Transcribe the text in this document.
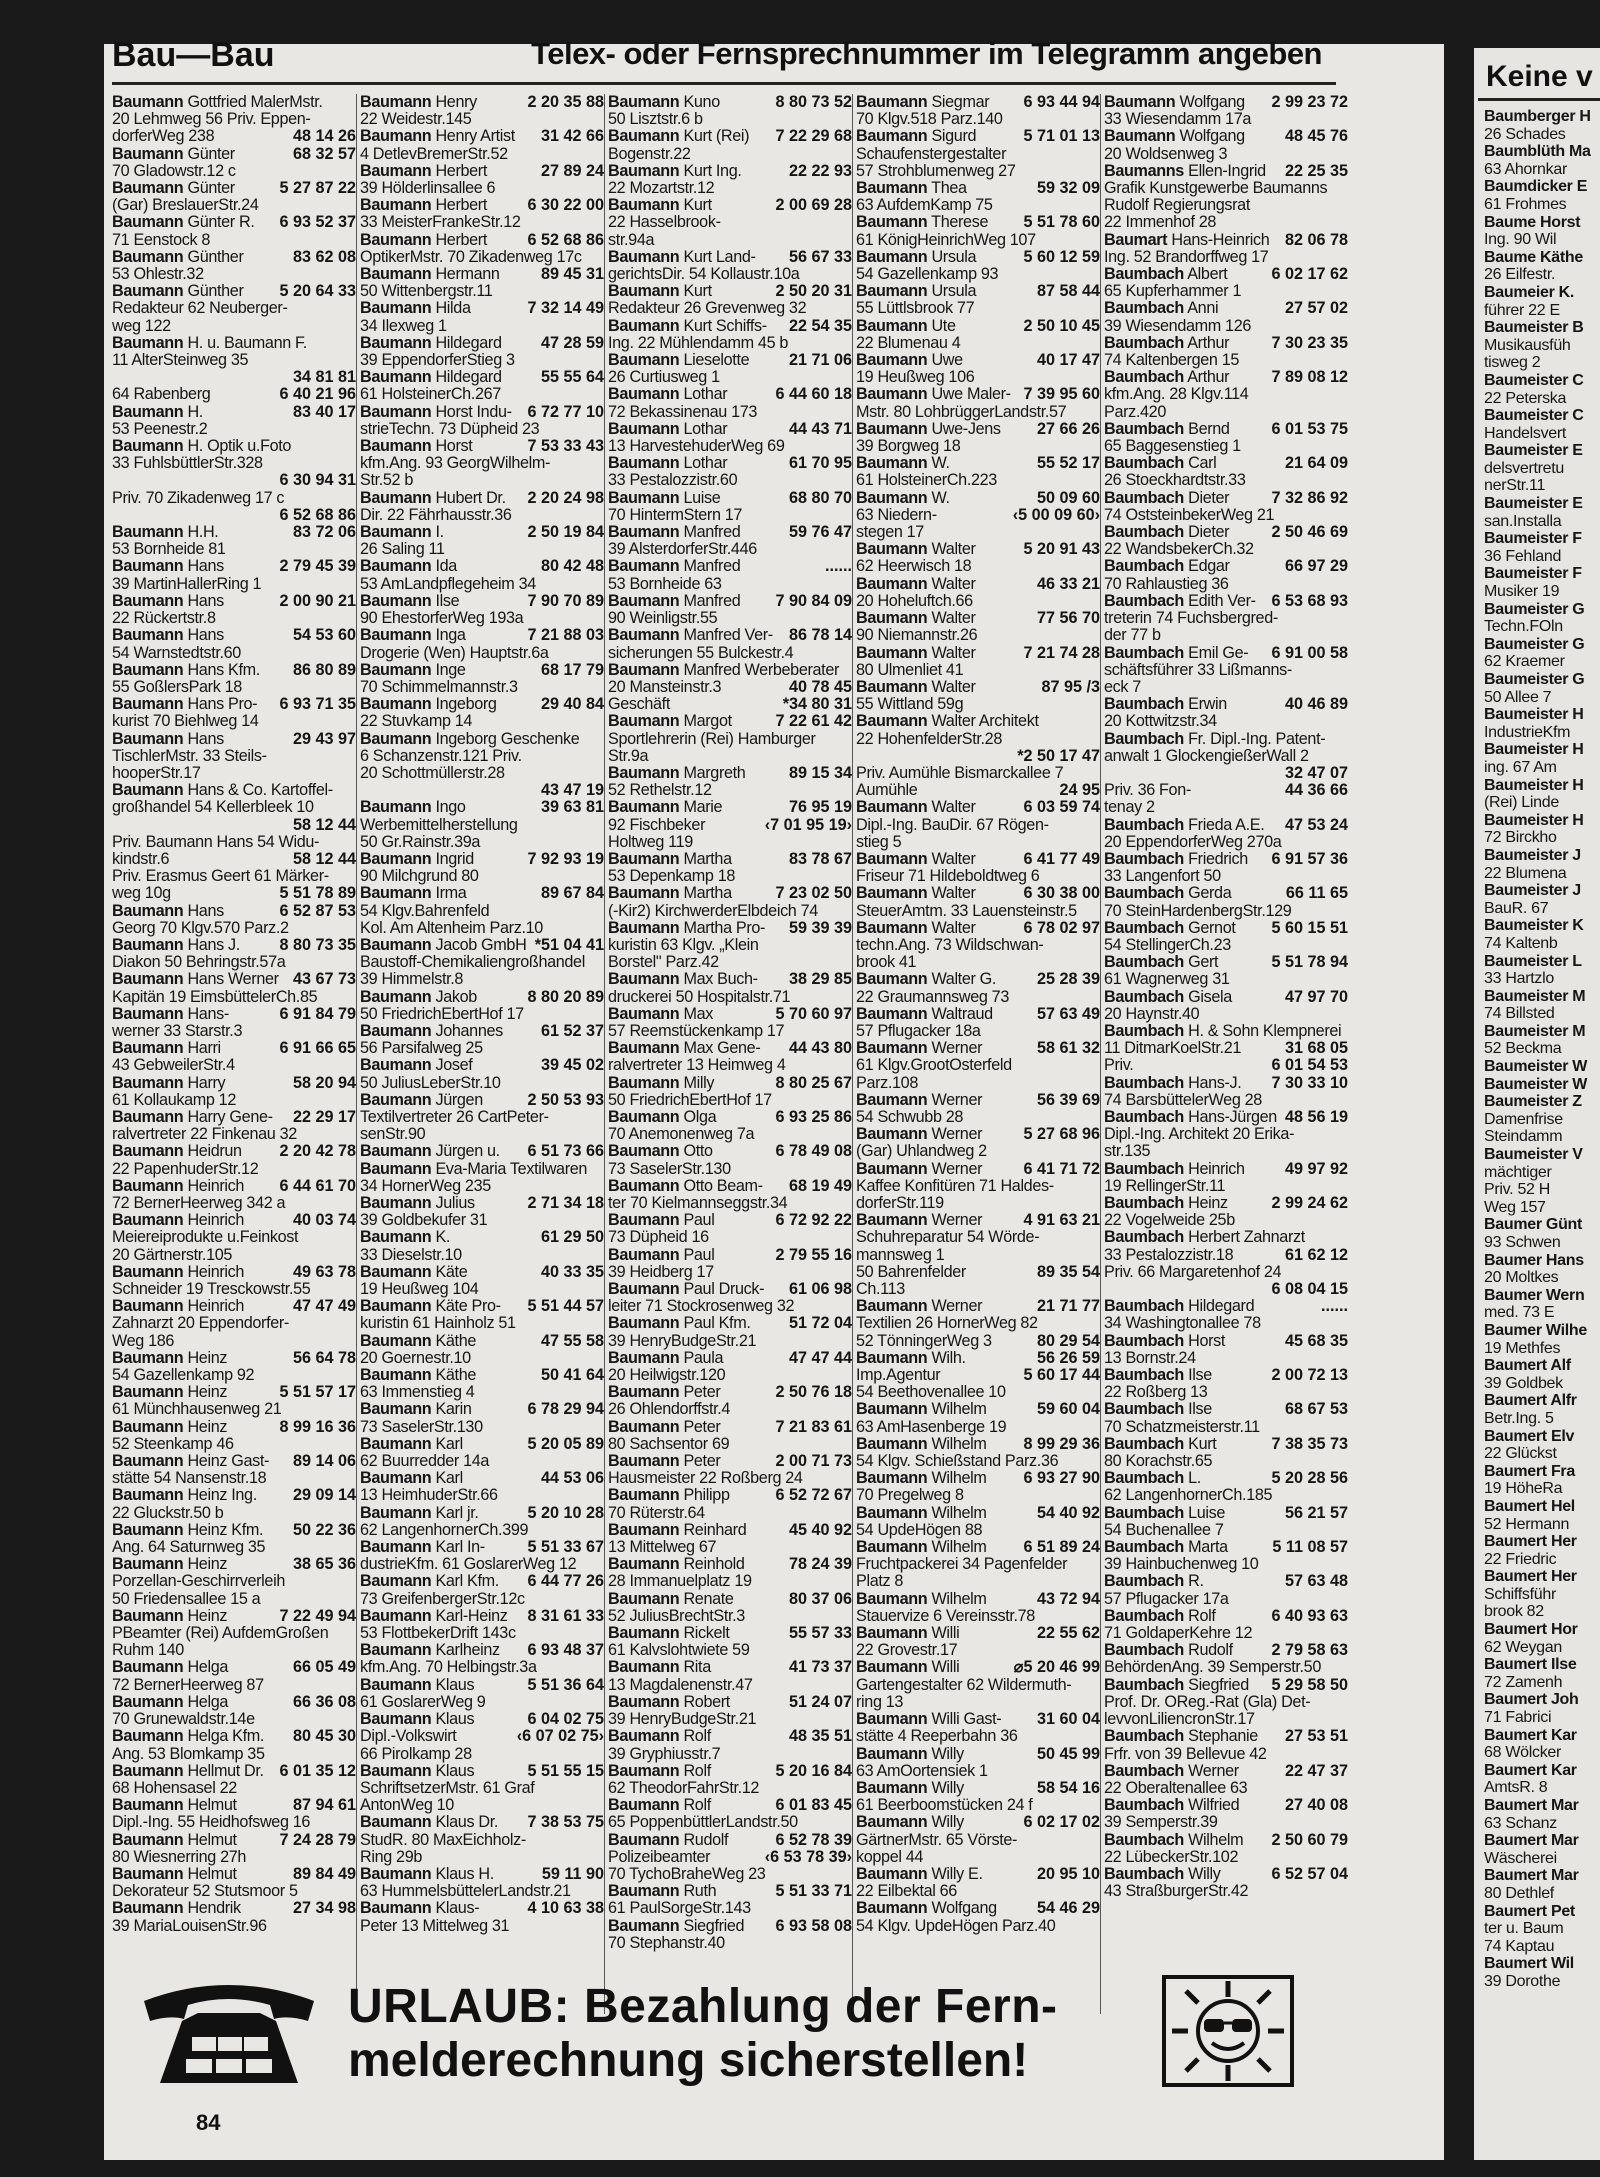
Keine v
Baumberger H
26 Schades
Baumblüth Ma
63 Ahornkar
Baumdicker E
61 Frohmes
Baume Horst
Ing. 90 Wil
Baume Käthe
26 Eilfestr.
Baumeier K.
führer 22 E
Baumeister B
Musikausfüh
tisweg 2
Baumeister C
22 Peterska
Baumeister C
Handelsvert
Baumeister E
delsvertretu
nerStr.11
Baumeister E
san.Installa
Baumeister F
36 Fehland
Baumeister F
Musiker 19
Baumeister G
Techn.FOln
Baumeister G
62 Kraemer
Baumeister G
50 Allee 7
Baumeister H
IndustrieKfm
Baumeister H
ing. 67 Am
Baumeister H
(Rei) Linde
Baumeister H
72 Birckho
Baumeister J
22 Blumena
Baumeister J
BauR. 67
Baumeister K
74 Kaltenb
Baumeister L
33 Hartzlo
Baumeister M
74 Billsted
Baumeister M
52 Beckma
Baumeister W
Baumeister W
Baumeister Z
Damenfrise
Steindamm
Baumeister V
mächtiger
Priv. 52 H
Weg 157
Baumer Günt
93 Schwen
Baumer Hans
20 Moltkes
Baumer Wern
med. 73 E
Baumer Wilhe
19 Methfes
Baumert Alf
39 Goldbek
Baumert Alfr
Betr.Ing. 5
Baumert Elv
22 Glückst
Baumert Fra
19 HöheRa
Baumert Hel
52 Hermann
Baumert Her
22 Friedric
Baumert Her
Schiffsführ
brook 82
Baumert Hor
62 Weygan
Baumert Ilse
72 Zamenh
Baumert Joh
71 Fabrici
Baumert Kar
68 Wölcker
Baumert Kar
AmtsR. 8
Baumert Mar
63 Schanz
Baumert Mar
Wäscherei
Baumert Mar
80 Dethlef
Baumert Pet
ter u. Baum
74 Kaptau
Baumert Wil
39 Dorothe
Bau—Bau	Telex- oder Fernsprechnummer im Telegramm angeben
Baumann Gottfried MalerMstr.
20 Lehmweg 56 Priv. Eppen-
48 14 26
dorferWeg 238
68 32 57
Baumann Günter
70 Gladowstr.12 c
5 27 87 22
Baumann Günter
(Gar) BreslauerStr.24
6 93 52 37
Baumann Günter R.
71 Eenstock 8
83 62 08
Baumann Günther
53 Ohlestr.32
5 20 64 33
Baumann Günther
Redakteur 62 Neuberger-
weg 122
Baumann H. u. Baumann F.
11 AlterSteinweg 35
34 81 81
6 40 21 96
64 Rabenberg
83 40 17
Baumann H.
53 Peenestr.2
Baumann H. Optik u.Foto
33 FuhlsbüttlerStr.328
6 30 94 31
Priv. 70 Zikadenweg 17 c
6 52 68 86
83 72 06
Baumann H.H.
53 Bornheide 81
2 79 45 39
Baumann Hans
39 MartinHallerRing 1
2 00 90 21
Baumann Hans
22 Rückertstr.8
54 53 60
Baumann Hans
54 Warnstedtstr.60
86 80 89
Baumann Hans Kfm.
55 GoßlersPark 18
6 93 71 35
Baumann Hans Pro-
kurist 70 Biehlweg 14
29 43 97
Baumann Hans
TischlerMstr. 33 Steils-
hooperStr.17
Baumann Hans & Co. Kartoffel-
großhandel 54 Kellerbleek 10
58 12 44
Priv. Baumann Hans 54 Widu-
58 12 44
kindstr.6
Priv. Erasmus Geert 61 Märker-
5 51 78 89
weg 10g
6 52 87 53
Baumann Hans
Georg 70 Klgv.570 Parz.2
8 80 73 35
Baumann Hans J.
Diakon 50 Behringstr.57a
43 67 73
Baumann Hans Werner
Kapitän 19 EimsbüttelerCh.85
6 91 84 79
Baumann Hans-
werner 33 Starstr.3
6 91 66 65
Baumann Harri
43 GebweilerStr.4
58 20 94
Baumann Harry
61 Kollaukamp 12
22 29 17
Baumann Harry Gene-
ralvertreter 22 Finkenau 32
2 20 42 78
Baumann Heidrun
22 PapenhuderStr.12
6 44 61 70
Baumann Heinrich
72 BernerHeerweg 342 a
40 03 74
Baumann Heinrich
Meiereiprodukte u.Feinkost
20 Gärtnerstr.105
49 63 78
Baumann Heinrich
Schneider 19 Tresckowstr.55
47 47 49
Baumann Heinrich
Zahnarzt 20 Eppendorfer-
Weg 186
56 64 78
Baumann Heinz
54 Gazellenkamp 92
5 51 57 17
Baumann Heinz
61 Münchhausenweg 21
8 99 16 36
Baumann Heinz
52 Steenkamp 46
89 14 06
Baumann Heinz Gast-
stätte 54 Nansenstr.18
29 09 14
Baumann Heinz Ing.
22 Gluckstr.50 b
50 22 36
Baumann Heinz Kfm.
Ang. 64 Saturnweg 35
38 65 36
Baumann Heinz
Porzellan-Geschirrverleih
50 Friedensallee 15 a
7 22 49 94
Baumann Heinz
PBeamter (Rei) AufdemGroßen
Ruhm 140
66 05 49
Baumann Helga
72 BernerHeerweg 87
66 36 08
Baumann Helga
70 Grunewaldstr.14e
80 45 30
Baumann Helga Kfm.
Ang. 53 Blomkamp 35
6 01 35 12
Baumann Hellmut Dr.
68 Hohensasel 22
87 94 61
Baumann Helmut
Dipl.-Ing. 55 Heidhofsweg 16
7 24 28 79
Baumann Helmut
80 Wiesnerring 27h
89 84 49
Baumann Helmut
Dekorateur 52 Stutsmoor 5
27 34 98
Baumann Hendrik
39 MariaLouisenStr.96
2 20 35 88
Baumann Henry
22 Weidestr.145
31 42 66
Baumann Henry Artist
4 DetlevBremerStr.52
27 89 24
Baumann Herbert
39 Hölderlinsallee 6
6 30 22 00
Baumann Herbert
33 MeisterFrankeStr.12
6 52 68 86
Baumann Herbert
OptikerMstr. 70 Zikadenweg 17c
89 45 31
Baumann Hermann
50 Wittenbergstr.11
7 32 14 49
Baumann Hilda
34 Ilexweg 1
47 28 59
Baumann Hildegard
39 EppendorferStieg 3
55 55 64
Baumann Hildegard
61 HolsteinerCh.267
6 72 77 10
Baumann Horst Indu-
strieTechn. 73 Düpheid 23
7 53 33 43
Baumann Horst
kfm.Ang. 93 GeorgWilhelm-
Str.52 b
2 20 24 98
Baumann Hubert Dr.
Dir. 22 Fährhausstr.36
2 50 19 84
Baumann I.
26 Saling 11
80 42 48
Baumann Ida
53 AmLandpflegeheim 34
7 90 70 89
Baumann Ilse
90 EhestorferWeg 193a
7 21 88 03
Baumann Inga
Drogerie (Wen) Hauptstr.6a
68 17 79
Baumann Inge
70 Schimmelmannstr.3
29 40 84
Baumann Ingeborg
22 Stuvkamp 14
Baumann Ingeborg Geschenke
6 Schanzenstr.121 Priv.
20 Schottmüllerstr.28
43 47 19
39 63 81
Baumann Ingo
Werbemittelherstellung
50 Gr.Rainstr.39a
7 92 93 19
Baumann Ingrid
90 Milchgrund 80
89 67 84
Baumann Irma
54 Klgv.Bahrenfeld
Kol. Am Altenheim Parz.10
*51 04 41
Baumann Jacob GmbH
Baustoff-Chemikaliengroßhandel
39 Himmelstr.8
8 80 20 89
Baumann Jakob
50 FriedrichEbertHof 17
61 52 37
Baumann Johannes
56 Parsifalweg 25
39 45 02
Baumann Josef
50 JuliusLeberStr.10
2 50 53 93
Baumann Jürgen
Textilvertreter 26 CartPeter-
senStr.90
6 51 73 66
Baumann Jürgen u.
Baumann Eva-Maria Textilwaren
34 HornerWeg 235
2 71 34 18
Baumann Julius
39 Goldbekufer 31
61 29 50
Baumann K.
33 Dieselstr.10
40 33 35
Baumann Käte
19 Heußweg 104
5 51 44 57
Baumann Käte Pro-
kuristin 61 Hainholz 51
47 55 58
Baumann Käthe
20 Goernestr.10
50 41 64
Baumann Käthe
63 Immenstieg 4
6 78 29 94
Baumann Karin
73 SaselerStr.130
5 20 05 89
Baumann Karl
62 Buurredder 14a
44 53 06
Baumann Karl
13 HeimhuderStr.66
5 20 10 28
Baumann Karl jr.
62 LangenhornerCh.399
5 51 33 67
Baumann Karl In-
dustrieKfm. 61 GoslarerWeg 12
6 44 77 26
Baumann Karl Kfm.
73 GreifenbergerStr.12c
8 31 61 33
Baumann Karl-Heinz
53 FlottbekerDrift 143c
6 93 48 37
Baumann Karlheinz
kfm.Ang. 70 Helbingstr.3a
5 51 36 64
Baumann Klaus
61 GoslarerWeg 9
6 04 02 75
Baumann Klaus
‹6 07 02 75›
Dipl.-Volkswirt
66 Pirolkamp 28
5 51 55 15
Baumann Klaus
SchriftsetzerMstr. 61 Graf
AntonWeg 10
7 38 53 75
Baumann Klaus Dr.
StudR. 80 MaxEichholz-
Ring 29b
59 11 90
Baumann Klaus H.
63 HummelsbüttelerLandstr.21
4 10 63 38
Baumann Klaus-
Peter 13 Mittelweg 31
8 80 73 52
Baumann Kuno
50 Lisztstr.6 b
7 22 29 68
Baumann Kurt (Rei)
Bogenstr.22
22 22 93
Baumann Kurt Ing.
22 Mozartstr.12
2 00 69 28
Baumann Kurt
22 Hasselbrook-
str.94a
56 67 33
Baumann Kurt Land-
gerichtsDir. 54 Kollaustr.10a
2 50 20 31
Baumann Kurt
Redakteur 26 Grevenweg 32
22 54 35
Baumann Kurt Schiffs-
Ing. 22 Mühlendamm 45 b
21 71 06
Baumann Lieselotte
26 Curtiusweg 1
6 44 60 18
Baumann Lothar
72 Bekassinenau 173
44 43 71
Baumann Lothar
13 HarvestehuderWeg 69
61 70 95
Baumann Lothar
33 Pestalozzistr.60
68 80 70
Baumann Luise
70 HintermStern 17
59 76 47
Baumann Manfred
39 AlsterdorferStr.446
......
Baumann Manfred
53 Bornheide 63
7 90 84 09
Baumann Manfred
90 Weinligstr.55
86 78 14
Baumann Manfred Ver-
sicherungen 55 Bulckestr.4
Baumann Manfred Werbeberater
40 78 45
20 Mansteinstr.3
*34 80 31
Geschäft
7 22 61 42
Baumann Margot
Sportlehrerin (Rei) Hamburger
Str.9a
89 15 34
Baumann Margreth
52 Rethelstr.12
76 95 19
Baumann Marie
‹7 01 95 19›
92 Fischbeker
Holtweg 119
83 78 67
Baumann Martha
53 Depenkamp 18
7 23 02 50
Baumann Martha
(-Kir2) KirchwerderElbdeich 74
59 39 39
Baumann Martha Pro-
kuristin 63 Klgv. „Klein
Borstel" Parz.42
38 29 85
Baumann Max Buch-
druckerei 50 Hospitalstr.71
5 70 60 97
Baumann Max
57 Reemstückenkamp 17
44 43 80
Baumann Max Gene-
ralvertreter 13 Heimweg 4
8 80 25 67
Baumann Milly
50 FriedrichEbertHof 17
6 93 25 86
Baumann Olga
70 Anemonenweg 7a
6 78 49 08
Baumann Otto
73 SaselerStr.130
68 19 49
Baumann Otto Beam-
ter 70 Kielmannseggstr.34
6 72 92 22
Baumann Paul
73 Düpheid 16
2 79 55 16
Baumann Paul
39 Heidberg 17
61 06 98
Baumann Paul Druck-
leiter 71 Stockrosenweg 32
51 72 04
Baumann Paul Kfm.
39 HenryBudgeStr.21
47 47 44
Baumann Paula
20 Heilwigstr.120
2 50 76 18
Baumann Peter
26 Ohlendorffstr.4
7 21 83 61
Baumann Peter
80 Sachsentor 69
2 00 71 73
Baumann Peter
Hausmeister 22 Roßberg 24
6 52 72 67
Baumann Philipp
70 Rüterstr.64
45 40 92
Baumann Reinhard
13 Mittelweg 67
78 24 39
Baumann Reinhold
28 Immanuelplatz 19
80 37 06
Baumann Renate
52 JuliusBrechtStr.3
55 57 33
Baumann Rickelt
61 Kalvslohtwiete 59
41 73 37
Baumann Rita
13 Magdalenenstr.47
51 24 07
Baumann Robert
39 HenryBudgeStr.21
48 35 51
Baumann Rolf
39 Gryphiusstr.7
5 20 16 84
Baumann Rolf
62 TheodorFahrStr.12
6 01 83 45
Baumann Rolf
65 PoppenbüttlerLandstr.50
6 52 78 39
Baumann Rudolf
‹6 53 78 39›
Polizeibeamter
70 TychoBraheWeg 23
5 51 33 71
Baumann Ruth
61 PaulSorgeStr.143
6 93 58 08
Baumann Siegfried
70 Stephanstr.40
6 93 44 94
Baumann Siegmar
70 Klgv.518 Parz.140
5 71 01 13
Baumann Sigurd
Schaufenstergestalter
57 Strohblumenweg 27
59 32 09
Baumann Thea
63 AufdemKamp 75
5 51 78 60
Baumann Therese
61 KönigHeinrichWeg 107
5 60 12 59
Baumann Ursula
54 Gazellenkamp 93
87 58 44
Baumann Ursula
55 Lüttlsbrook 77
2 50 10 45
Baumann Ute
22 Blumenau 4
40 17 47
Baumann Uwe
19 Heußweg 106
7 39 95 60
Baumann Uwe Maler-
Mstr. 80 LohbrüggerLandstr.57
27 66 26
Baumann Uwe-Jens
39 Borgweg 18
55 52 17
Baumann W.
61 HolsteinerCh.223
50 09 60
Baumann W.
‹5 00 09 60›
63 Niedern-
stegen 17
5 20 91 43
Baumann Walter
62 Heerwisch 18
46 33 21
Baumann Walter
20 Hoheluftch.66
77 56 70
Baumann Walter
90 Niemannstr.26
7 21 74 28
Baumann Walter
80 Ulmenliet 41
87 95 /3
Baumann Walter
55 Wittland 59g
Baumann Walter Architekt
22 HohenfelderStr.28
*2 50 17 47
Priv. Aumühle Bismarckallee 7
24 95
Aumühle
6 03 59 74
Baumann Walter
Dipl.-Ing. BauDir. 67 Rögen-
stieg 5
6 41 77 49
Baumann Walter
Friseur 71 Hildeboldtweg 6
6 30 38 00
Baumann Walter
SteuerAmtm. 33 Lauensteinstr.5
6 78 02 97
Baumann Walter
techn.Ang. 73 Wildschwan-
brook 41
25 28 39
Baumann Walter G.
22 Graumannsweg 73
57 63 49
Baumann Waltraud
57 Pflugacker 18a
58 61 32
Baumann Werner
61 Klgv.GrootOsterfeld
Parz.108
56 39 69
Baumann Werner
54 Schwubb 28
5 27 68 96
Baumann Werner
(Gar) Uhlandweg 2
6 41 71 72
Baumann Werner
Kaffee Konfitüren 71 Haldes-
dorferStr.119
4 91 63 21
Baumann Werner
Schuhreparatur 54 Wörde-
mannsweg 1
89 35 54
50 Bahrenfelder
Ch.113
21 71 77
Baumann Werner
Textilien 26 HornerWeg 82
80 29 54
52 TönningerWeg 3
56 26 59
Baumann Wilh.
5 60 17 44
Imp.Agentur
54 Beethovenallee 10
59 60 04
Baumann Wilhelm
63 AmHasenberge 19
8 99 29 36
Baumann Wilhelm
54 Klgv. Schießstand Parz.36
6 93 27 90
Baumann Wilhelm
70 Pregelweg 8
54 40 92
Baumann Wilhelm
54 UpdeHögen 88
6 51 89 24
Baumann Wilhelm
Fruchtpackerei 34 Pagenfelder
Platz 8
43 72 94
Baumann Wilhelm
Stauervize 6 Vereinsstr.78
22 55 62
Baumann Willi
22 Grovestr.17
⌀5 20 46 99
Baumann Willi
Gartengestalter 62 Wildermuth-
ring 13
31 60 04
Baumann Willi Gast-
stätte 4 Reeperbahn 36
50 45 99
Baumann Willy
63 AmOortensiek 1
58 54 16
Baumann Willy
61 Beerboomstücken 24 f
6 02 17 02
Baumann Willy
GärtnerMstr. 65 Vörste-
koppel 44
20 95 10
Baumann Willy E.
22 Eilbektal 66
54 46 29
Baumann Wolfgang
54 Klgv. UpdeHögen Parz.40
2 99 23 72
Baumann Wolfgang
33 Wiesendamm 17a
48 45 76
Baumann Wolfgang
20 Woldsenweg 3
22 25 35
Baumanns Ellen-Ingrid
Grafik Kunstgewerbe Baumanns
Rudolf Regierungsrat
22 Immenhof 28
82 06 78
Baumart Hans-Heinrich
Ing. 52 Brandorffweg 17
6 02 17 62
Baumbach Albert
65 Kupferhammer 1
27 57 02
Baumbach Anni
39 Wiesendamm 126
7 30 23 35
Baumbach Arthur
74 Kaltenbergen 15
7 89 08 12
Baumbach Arthur
kfm.Ang. 28 Klgv.114
Parz.420
6 01 53 75
Baumbach Bernd
65 Baggesenstieg 1
21 64 09
Baumbach Carl
26 Stoeckhardtstr.33
7 32 86 92
Baumbach Dieter
74 OststeinbekerWeg 21
2 50 46 69
Baumbach Dieter
22 WandsbekerCh.32
66 97 29
Baumbach Edgar
70 Rahlaustieg 36
6 53 68 93
Baumbach Edith Ver-
treterin 74 Fuchsbergred-
der 77 b
6 91 00 58
Baumbach Emil Ge-
schäftsführer 33 Lißmanns-
eck 7
40 46 89
Baumbach Erwin
20 Kottwitzstr.34
Baumbach Fr. Dipl.-Ing. Patent-
anwalt 1 GlockengießerWall 2
32 47 07
44 36 66
Priv. 36 Fon-
tenay 2
47 53 24
Baumbach Frieda A.E.
20 EppendorferWeg 270a
6 91 57 36
Baumbach Friedrich
33 Langenfort 50
66 11 65
Baumbach Gerda
70 SteinHardenbergStr.129
5 60 15 51
Baumbach Gernot
54 StellingerCh.23
5 51 78 94
Baumbach Gert
61 Wagnerweg 31
47 97 70
Baumbach Gisela
20 Haynstr.40
Baumbach H. & Sohn Klempnerei
31 68 05
11 DitmarKoelStr.21
6 01 54 53
Priv.
7 30 33 10
Baumbach Hans-J.
74 BarsbüttelerWeg 28
48 56 19
Baumbach Hans-Jürgen
Dipl.-Ing. Architekt 20 Erika-
str.135
49 97 92
Baumbach Heinrich
19 RellingerStr.11
2 99 24 62
Baumbach Heinz
22 Vogelweide 25b
Baumbach Herbert Zahnarzt
61 62 12
33 Pestalozzistr.18
Priv. 66 Margaretenhof 24
6 08 04 15
......
Baumbach Hildegard
34 Washingtonallee 78
45 68 35
Baumbach Horst
13 Bornstr.24
2 00 72 13
Baumbach Ilse
22 Roßberg 13
68 67 53
Baumbach Ilse
70 Schatzmeisterstr.11
7 38 35 73
Baumbach Kurt
80 Korachstr.65
5 20 28 56
Baumbach L.
62 LangenhornerCh.185
56 21 57
Baumbach Luise
54 Buchenallee 7
5 11 08 57
Baumbach Marta
39 Hainbuchenweg 10
57 63 48
Baumbach R.
57 Pflugacker 17a
6 40 93 63
Baumbach Rolf
71 GoldaperKehre 12
2 79 58 63
Baumbach Rudolf
BehördenAng. 39 Semperstr.50
5 29 58 50
Baumbach Siegfried
Prof. Dr. OReg.-Rat (Gla) Det-
levvonLiliencronStr.17
27 53 51
Baumbach Stephanie
Frfr. von 39 Bellevue 42
22 47 37
Baumbach Werner
22 Oberaltenallee 63
27 40 08
Baumbach Wilfried
39 Semperstr.39
2 50 60 79
Baumbach Wilhelm
22 LübeckerStr.102
6 52 57 04
Baumbach Willy
43 StraßburgerStr.42
URLAUB: Bezahlung der Fern-
melderechnung sicherstellen!
84
